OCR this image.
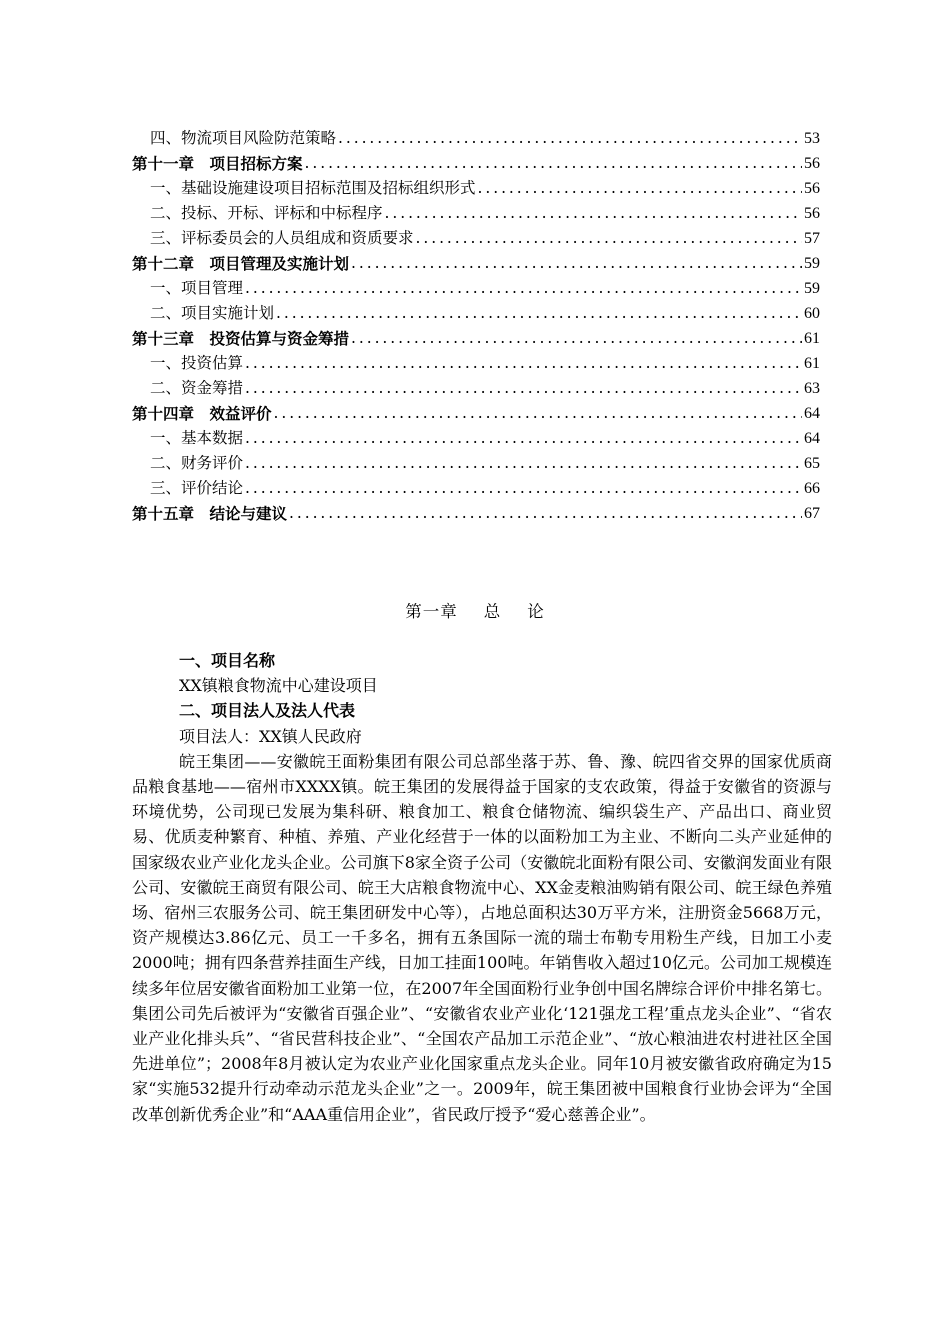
四、物流项目风险防范策略 . . .	53
第十一章　项目招标方案 . . .	56
一、基础设施建设项目招标范围及招标组织形式 . . .	56
二、投标、开标、评标和中标程序 . . .	56
三、评标委员会的人员组成和资质要求 . . .	57
第十二章　项目管理及实施计划 . . .	59
一、项目管理 . . .	59
二、项目实施计划 . . .	60
第十三章　投资估算与资金筹措 . . .	61
一、投资估算 . . .	61
二、资金筹措 . . .	63
第十四章　效益评价 . . .	64
一、基本数据 . . .	64
二、财务评价 . . .	65
三、评价结论 . . .	66
第十五章　结论与建议 . . .	67
第一章 总 论
一、项目名称
XX镇粮食物流中心建设项目
二、项目法人及法人代表
项目法人：XX镇人民政府
皖王集团——安徽皖王面粉集团有限公司总部坐落于苏、鲁、豫、皖四省交界的国家优质商品粮食基地——宿州市XXXX镇。皖王集团的发展得益于国家的支农政策，得益于安徽省的资源与环境优势，公司现已发展为集科研、粮食加工、粮食仓储物流、编织袋生产、产品出口、商业贸易、优质麦种繁育、种植、养殖、产业化经营于一体的以面粉加工为主业、不断向二头产业延伸的国家级农业产业化龙头企业。公司旗下8家全资子公司（安徽皖北面粉有限公司、安徽润发面业有限公司、安徽皖王商贸有限公司、皖王大店粮食物流中心、XX金麦粮油购销有限公司、皖王绿色养殖场、宿州三农服务公司、皖王集团研发中心等），占地总面积达30万平方米，注册资金5668万元，资产规模达3.86亿元、员工一千多名，拥有五条国际一流的瑞士布勒专用粉生产线，日加工小麦2000吨；拥有四条营养挂面生产线，日加工挂面100吨。年销售收入超过10亿元。公司加工规模连续多年位居安徽省面粉加工业第一位，在2007年全国面粉行业争创中国名牌综合评价中排名第七。集团公司先后被评为“安徽省百强企业”、“安徽省农业产业化‘121强龙工程’重点龙头企业”、“省农业产业化排头兵”、“省民营科技企业”、“全国农产品加工示范企业”、“放心粮油进农村进社区全国先进单位”；2008年8月被认定为农业产业化国家重点龙头企业。同年10月被安徽省政府确定为15家“实施532提升行动牵动示范龙头企业”之一。2009年，皖王集团被中国粮食行业协会评为“全国改革创新优秀企业”和“AAA重信用企业”，省民政厅授予“爱心慈善企业”。
